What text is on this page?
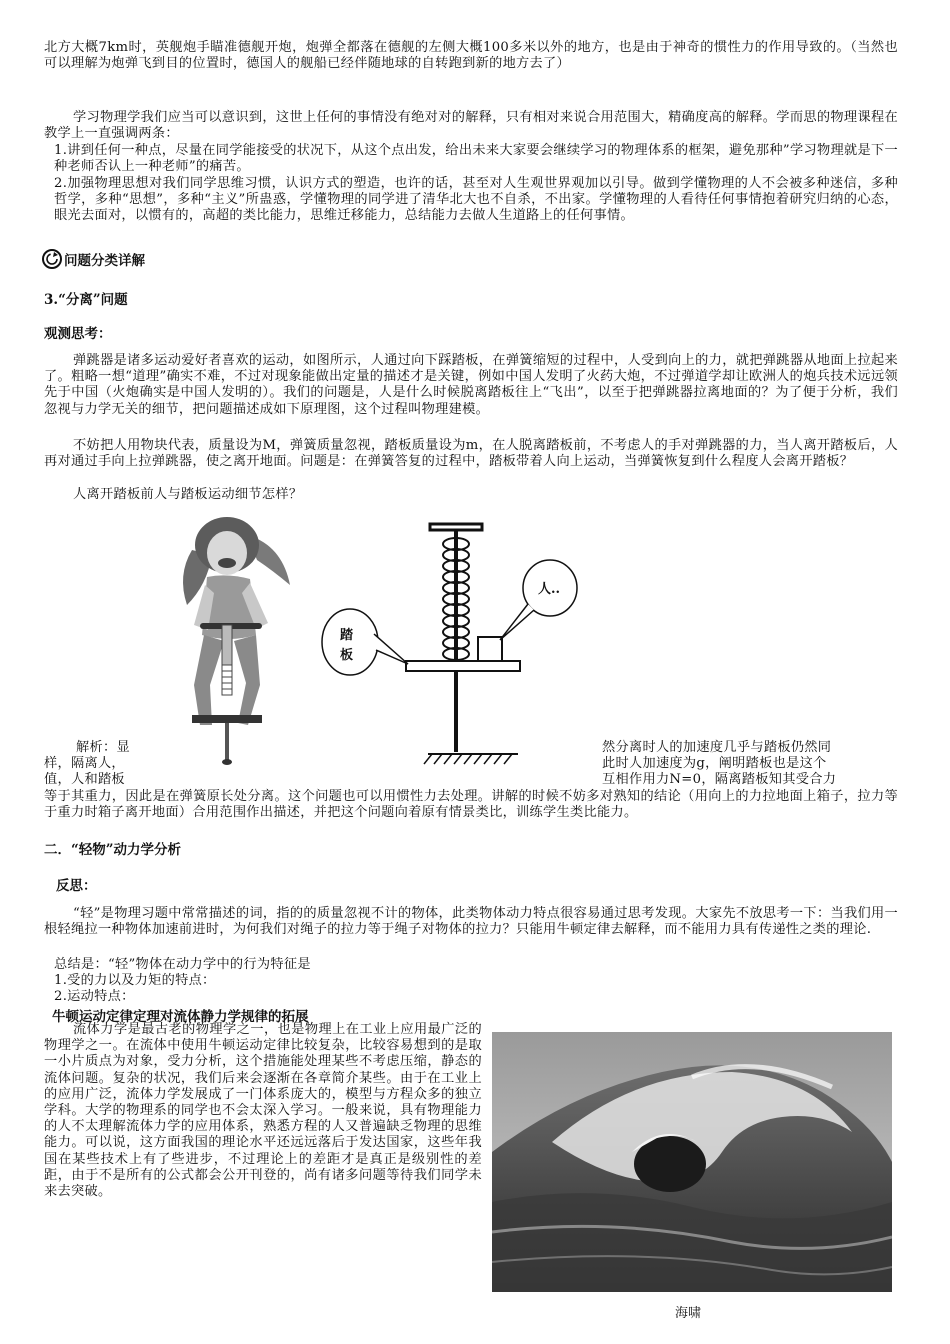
北方大概7km时，英舰炮手瞄准德舰开炮，炮弹全都落在德舰的左侧大概100多米以外的地方，也是由于神奇的惯性力的作用导致的。（当然也可以理解为炮弹飞到目的位置时，德国人的舰船已经伴随地球的自转跑到新的地方去了）

学习物理学我们应当可以意识到，这世上任何的事情没有绝对对的解释，只有相对来说合用范围大，精确度高的解释。学而思的物理课程在教学上一直强调两条：

1.讲到任何一种点，尽量在同学能接受的状况下，从这个点出发，给出未来大家要会继续学习的物理体系的框架，避免那种”学习物理就是下一种老师否认上一种老师”的痛苦。

2.加强物理思想对我们同学思维习惯，认识方式的塑造，也许的话，甚至对人生观世界观加以引导。做到学懂物理的人不会被多种迷信，多种哲学，多种“思想”，多种“主义”所蛊惑，学懂物理的同学进了清华北大也不自杀，不出家。学懂物理的人看待任何事情抱着研究归纳的心态，眼光去面对，以惯有的，高超的类比能力，思维迁移能力，总结能力去做人生道路上的任何事情。

问题分类详解
3.“分离”问题
观测思考：

弹跳器是诸多运动爱好者喜欢的运动，如图所示，人通过向下踩踏板，在弹簧缩短的过程中，人受到向上的力，就把弹跳器从地面上拉起来了。粗略一想“道理”确实不难，不过对现象能做出定量的描述才是关键，例如中国人发明了火药大炮，不过弹道学却让欧洲人的炮兵技术远远领先于中国（火炮确实是中国人发明的）。我们的问题是，人是什么时候脱离踏板往上“飞出”，以至于把弹跳器拉离地面的？为了便于分析，我们忽视与力学无关的细节，把问题描述成如下原理图，这个过程叫物理建模。

不妨把人用物块代表，质量设为M，弹簧质量忽视，踏板质量设为m，在人脱离踏板前，不考虑人的手对弹跳器的力，当人离开踏板后，人再对通过手向上拉弹跳器，使之离开地面。问题是：在弹簧答复的过程中，踏板带着人向上运动，当弹簧恢复到什么程度人会离开踏板？

人离开踏板前人与踏板运动细节怎样？

踏板
人..
解析：显	然分离时人的加速度几乎与踏板仍然同
样，隔离人，	此时人加速度为g，阐明踏板也是这个
值，人和踏板	互相作用力N=0，隔离踏板知其受合力

等于其重力，因此是在弹簧原长处分离。这个问题也可以用惯性力去处理。讲解的时候不妨多对熟知的结论（用向上的力拉地面上箱子，拉力等于重力时箱子离开地面）合用范围作出描述，并把这个问题向着原有情景类比，训练学生类比能力。

二．“轻物”动力学分析
反思：

“轻”是物理习题中常常描述的词，指的的质量忽视不计的物体，此类物体动力特点很容易通过思考发现。大家先不放思考一下：当我们用一根轻绳拉一种物体加速前进时，为何我们对绳子的拉力等于绳子对物体的拉力？只能用牛顿定律去解释，而不能用力具有传递性之类的理论.

总结是：“轻”物体在动力学中的行为特征是

1.受的力以及力矩的特点：

2.运动特点：

牛顿运动定律定理对流体静力学规律的拓展

流体力学是最古老的物理学之一，也是物理上在工业上应用最广泛的物理学之一。在流体中使用牛顿运动定律比较复杂，比较容易想到的是取一小片质点为对象，受力分析，这个措施能处理某些不考虑压缩，静态的流体问题。复杂的状况，我们后来会逐渐在各章简介某些。由于在工业上的应用广泛，流体力学发展成了一门体系庞大的，模型与方程众多的独立学科。大学的物理系的同学也不会太深入学习。一般来说，具有物理能力的人不太理解流体力学的应用体系，熟悉方程的人又普遍缺乏物理的思维能力。可以说，这方面我国的理论水平还远远落后于发达国家，这些年我国在某些技术上有了些进步，不过理论上的差距才是真正是级别性的差距，由于不是所有的公式都会公开刊登的，尚有诸多问题等待我们同学未来去突破。

海啸
